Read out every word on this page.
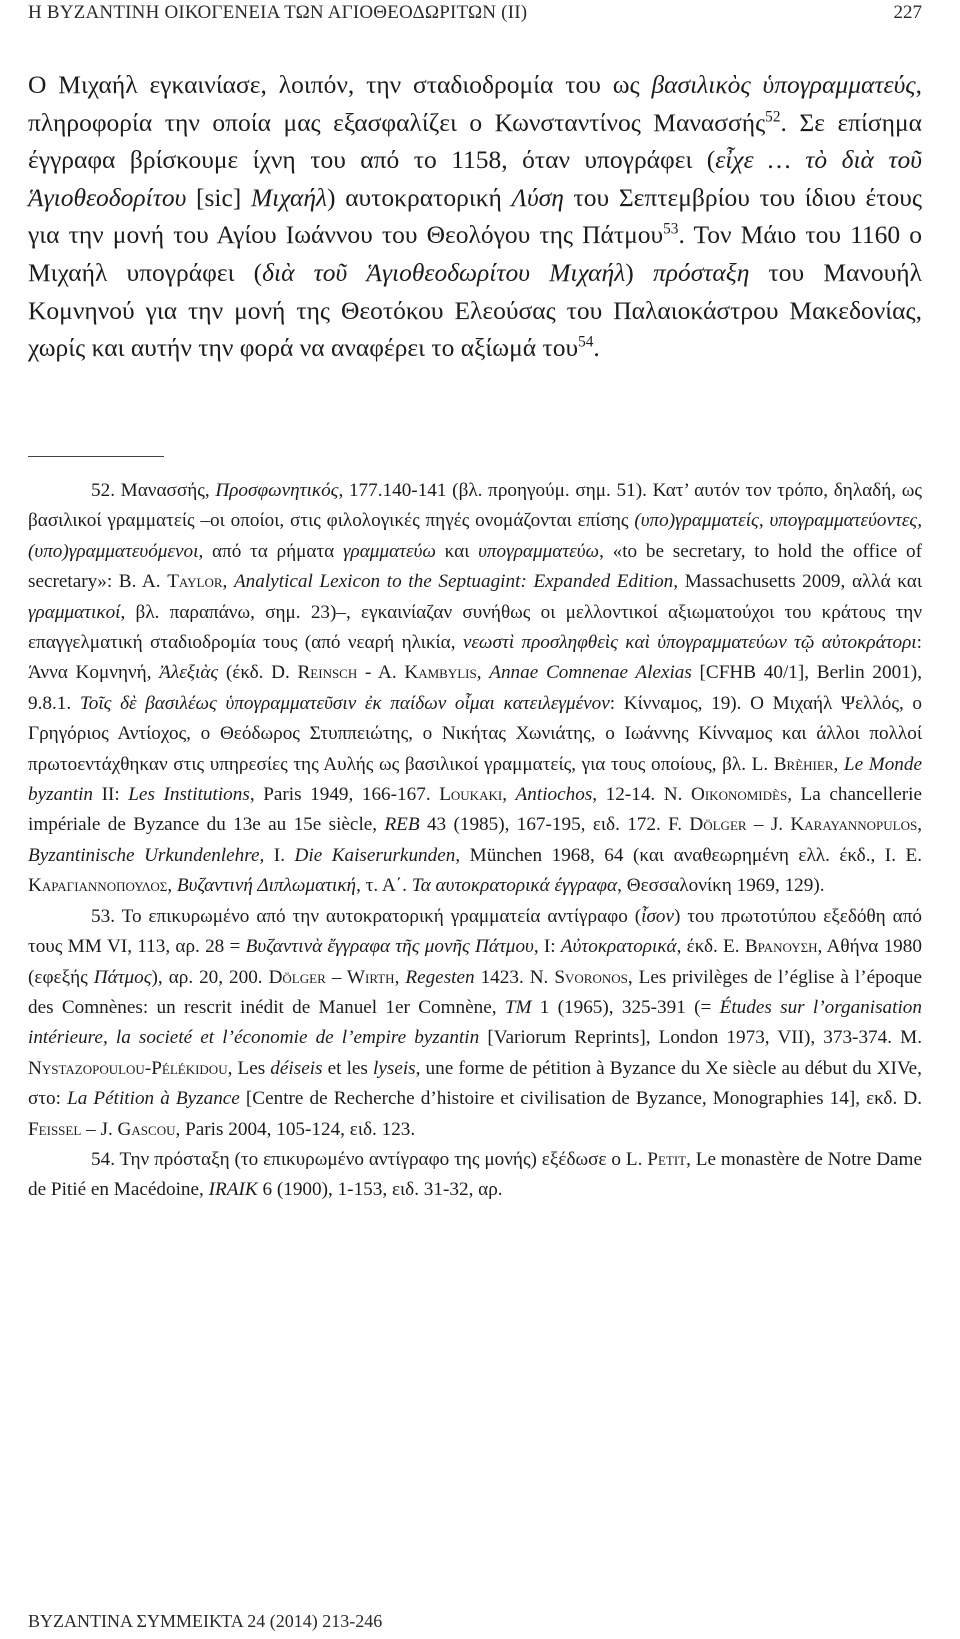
Η ΒΥΖΑΝΤΙΝΗ ΟΙΚΟΓΕΝΕΙΑ ΤΩΝ ΑΓΙΟΘΕΟΔΩΡΙΤΩΝ (ΙΙ)	227

Ο Μιχαήλ εγκαινίασε, λοιπόν, την σταδιοδρομία του ως βασιλικὸς ὑπογραμματεύς, πληροφορία την οποία μας εξασφαλίζει ο Κωνσταντίνος Μανασσής$^{52}$. Σε επίσημα έγγραφα βρίσκουμε ίχνη του από το 1158, όταν υπογράφει (εἶχε … τὸ διὰ τοῦ Ἁγιοθεοδορίτου [sic] Μιχαήλ) αυτοκρατορική Λύση του Σεπτεμβρίου του ίδιου έτους για την μονή του Αγίου Ιωάννου του Θεολόγου της Πάτμου$^{53}$. Τον Μάιο του 1160 ο Μιχαήλ υπογράφει (διὰ τοῦ Ἁγιοθεοδωρίτου Μιχαήλ) πρόσταξη του Μανουήλ Κομνηνού για την μονή της Θεοτόκου Ελεούσας του Παλαιοκάστρου Μακεδονίας, χωρίς και αυτήν την φορά να αναφέρει το αξίωμά του$^{54}$.

52. Μανασσής, Προσφωνητικός, 177.140-141 (βλ. προηγούμ. σημ. 51). Κατ’ αυτόν τον τρόπο, δηλαδή, ως βασιλικοί γραμματείς –οι οποίοι, στις φιλολογικές πηγές ονομάζονται επίσης (υπο)γραμματείς, υπογραμματεύοντες, (υπο)γραμματευόμενοι, από τα ρήματα γραμματεύω και υπογραμματεύω, «to be secretary, to hold the office of secretary»: B. A. Taylor, Analytical Lexicon to the Septuagint: Expanded Edition, Massachusetts 2009, αλλά και γραμματικοί, βλ. παραπάνω, σημ. 23)–, εγκαινίαζαν συνήθως οι μελλοντικοί αξιωματούχοι του κράτους την επαγγελματική σταδιοδρομία τους (από νεαρή ηλικία, νεωστὶ προσληφθεὶς καὶ ὑπογραμματεύων τῷ αὐτοκράτορι: Άννα Κομνηνή, Ἀλεξιὰς (έκδ. D. Reinsch - A. Kambylis, Annae Comnenae Alexias [CFHB 40/1], Berlin 2001), 9.8.1. Τοῖς δὲ βασιλέως ὑπογραμματεῦσιν ἐκ παίδων οἶμαι κατειλεγμένον: Κίνναμος, 19). Ο Μιχαήλ Ψελλός, ο Γρηγόριος Αντίοχος, ο Θεόδωρος Στυππειώτης, ο Νικήτας Χωνιάτης, ο Ιωάννης Κίνναμος και άλλοι πολλοί πρωτοεντάχθηκαν στις υπηρεσίες της Αυλής ως βασιλικοί γραμματείς, για τους οποίους, βλ. L. Brèhier, Le Monde byzantin II: Les Institutions, Paris 1949, 166-167. Loukaki, Antiochos, 12-14. N. Oikonomidès, La chancellerie impériale de Byzance du 13e au 15e siècle, REB 43 (1985), 167-195, ειδ. 172. F. Dölger – J. Karayannopulos, Byzantinische Urkundenlehre, I. Die Kaiserurkunden, München 1968, 64 (και αναθεωρημένη ελλ. έκδ., Ι. Ε. Καραγιαννοπουλος, Βυζαντινή Διπλωματική, τ. Α΄. Τα αυτοκρατορικά έγγραφα, Θεσσαλονίκη 1969, 129).

53. Το επικυρωμένο από την αυτοκρατορική γραμματεία αντίγραφο (ἶσον) του πρωτοτύπου εξεδόθη από τους ΜΜ VI, 113, αρ. 28 = Βυζαντινὰ ἔγγραφα τῆς μονῆς Πάτμου, Ι: Αὐτοκρατορικά, έκδ. Ε. Βρανουση, Αθήνα 1980 (εφεξής Πάτμος), αρ. 20, 200. Dölger – Wirth, Regesten 1423. N. Svoronos, Les privilèges de l’église à l’époque des Comnènes: un rescrit inédit de Manuel 1er Comnène, TM 1 (1965), 325-391 (= Études sur l’organisation intérieure, la societé et l’économie de l’empire byzantin [Variorum Reprints], London 1973, VII), 373-374. M. Nystazopoulou-Pélékidou, Les déiseis et les lyseis, une forme de pétition à Byzance du Xe siècle au début du XIVe, στο: La Pétition à Byzance [Centre de Recherche d’histoire et civilisation de Byzance, Monographies 14], εκδ. D. Feissel – J. Gascou, Paris 2004, 105-124, ειδ. 123.

54. Την πρόσταξη (το επικυρωμένο αντίγραφο της μονής) εξέδωσε ο L. Petit, Le monastère de Notre Dame de Pitié en Macédoine, IRAIK 6 (1900), 1-153, ειδ. 31-32, αρ.

ΒΥΖΑΝΤΙΝΑ ΣΥΜΜΕΙΚΤΑ 24 (2014) 213-246
